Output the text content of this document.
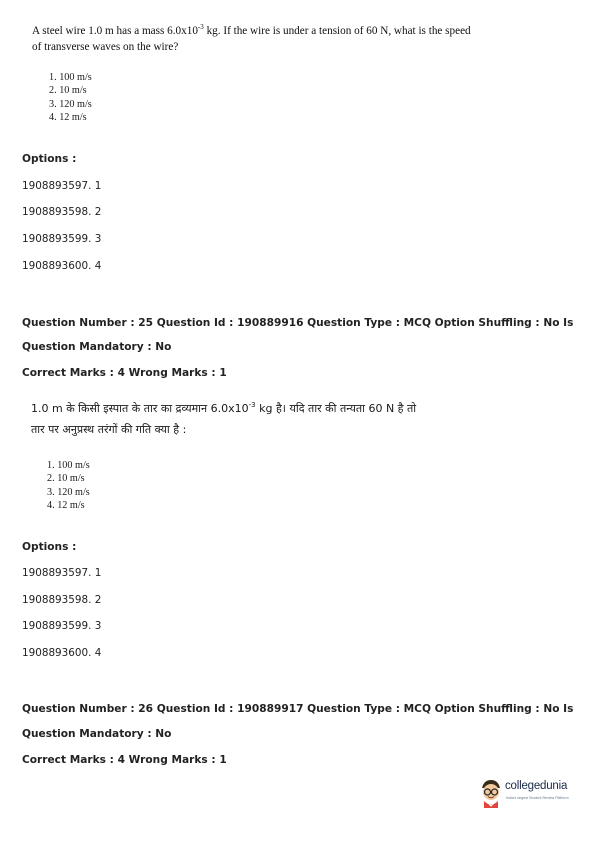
A steel wire 1.0 m has a mass $6.0x10^{-3}$ kg. If the wire is under a tension of 60 N, what is the speed of transverse waves on the wire?
1. 100 m/s
2. 10 m/s
3. 120 m/s
4. 12 m/s
Options :
1908893597. 1
1908893598. 2
1908893599. 3
1908893600. 4
Question Number : 25 Question Id : 190889916 Question Type : MCQ Option Shuffling : No Is
Question Mandatory : No
Correct Marks : 4 Wrong Marks : 1
1.0 m के किसी इस्पात के तार का द्रव्यमान $6.0x10^{-3}$ kg है। यदि तार की तन्यता 60 N है तो
तार पर अनुप्रस्थ तरंगों की गति क्या है :
1. 100 m/s
2. 10 m/s
3. 120 m/s
4. 12 m/s
Options :
1908893597. 1
1908893598. 2
1908893599. 3
1908893600. 4
Question Number : 26 Question Id : 190889917 Question Type : MCQ Option Shuffling : No Is
Question Mandatory : No
Correct Marks : 4 Wrong Marks : 1
collegedunia
India's largest Student Review Platform
